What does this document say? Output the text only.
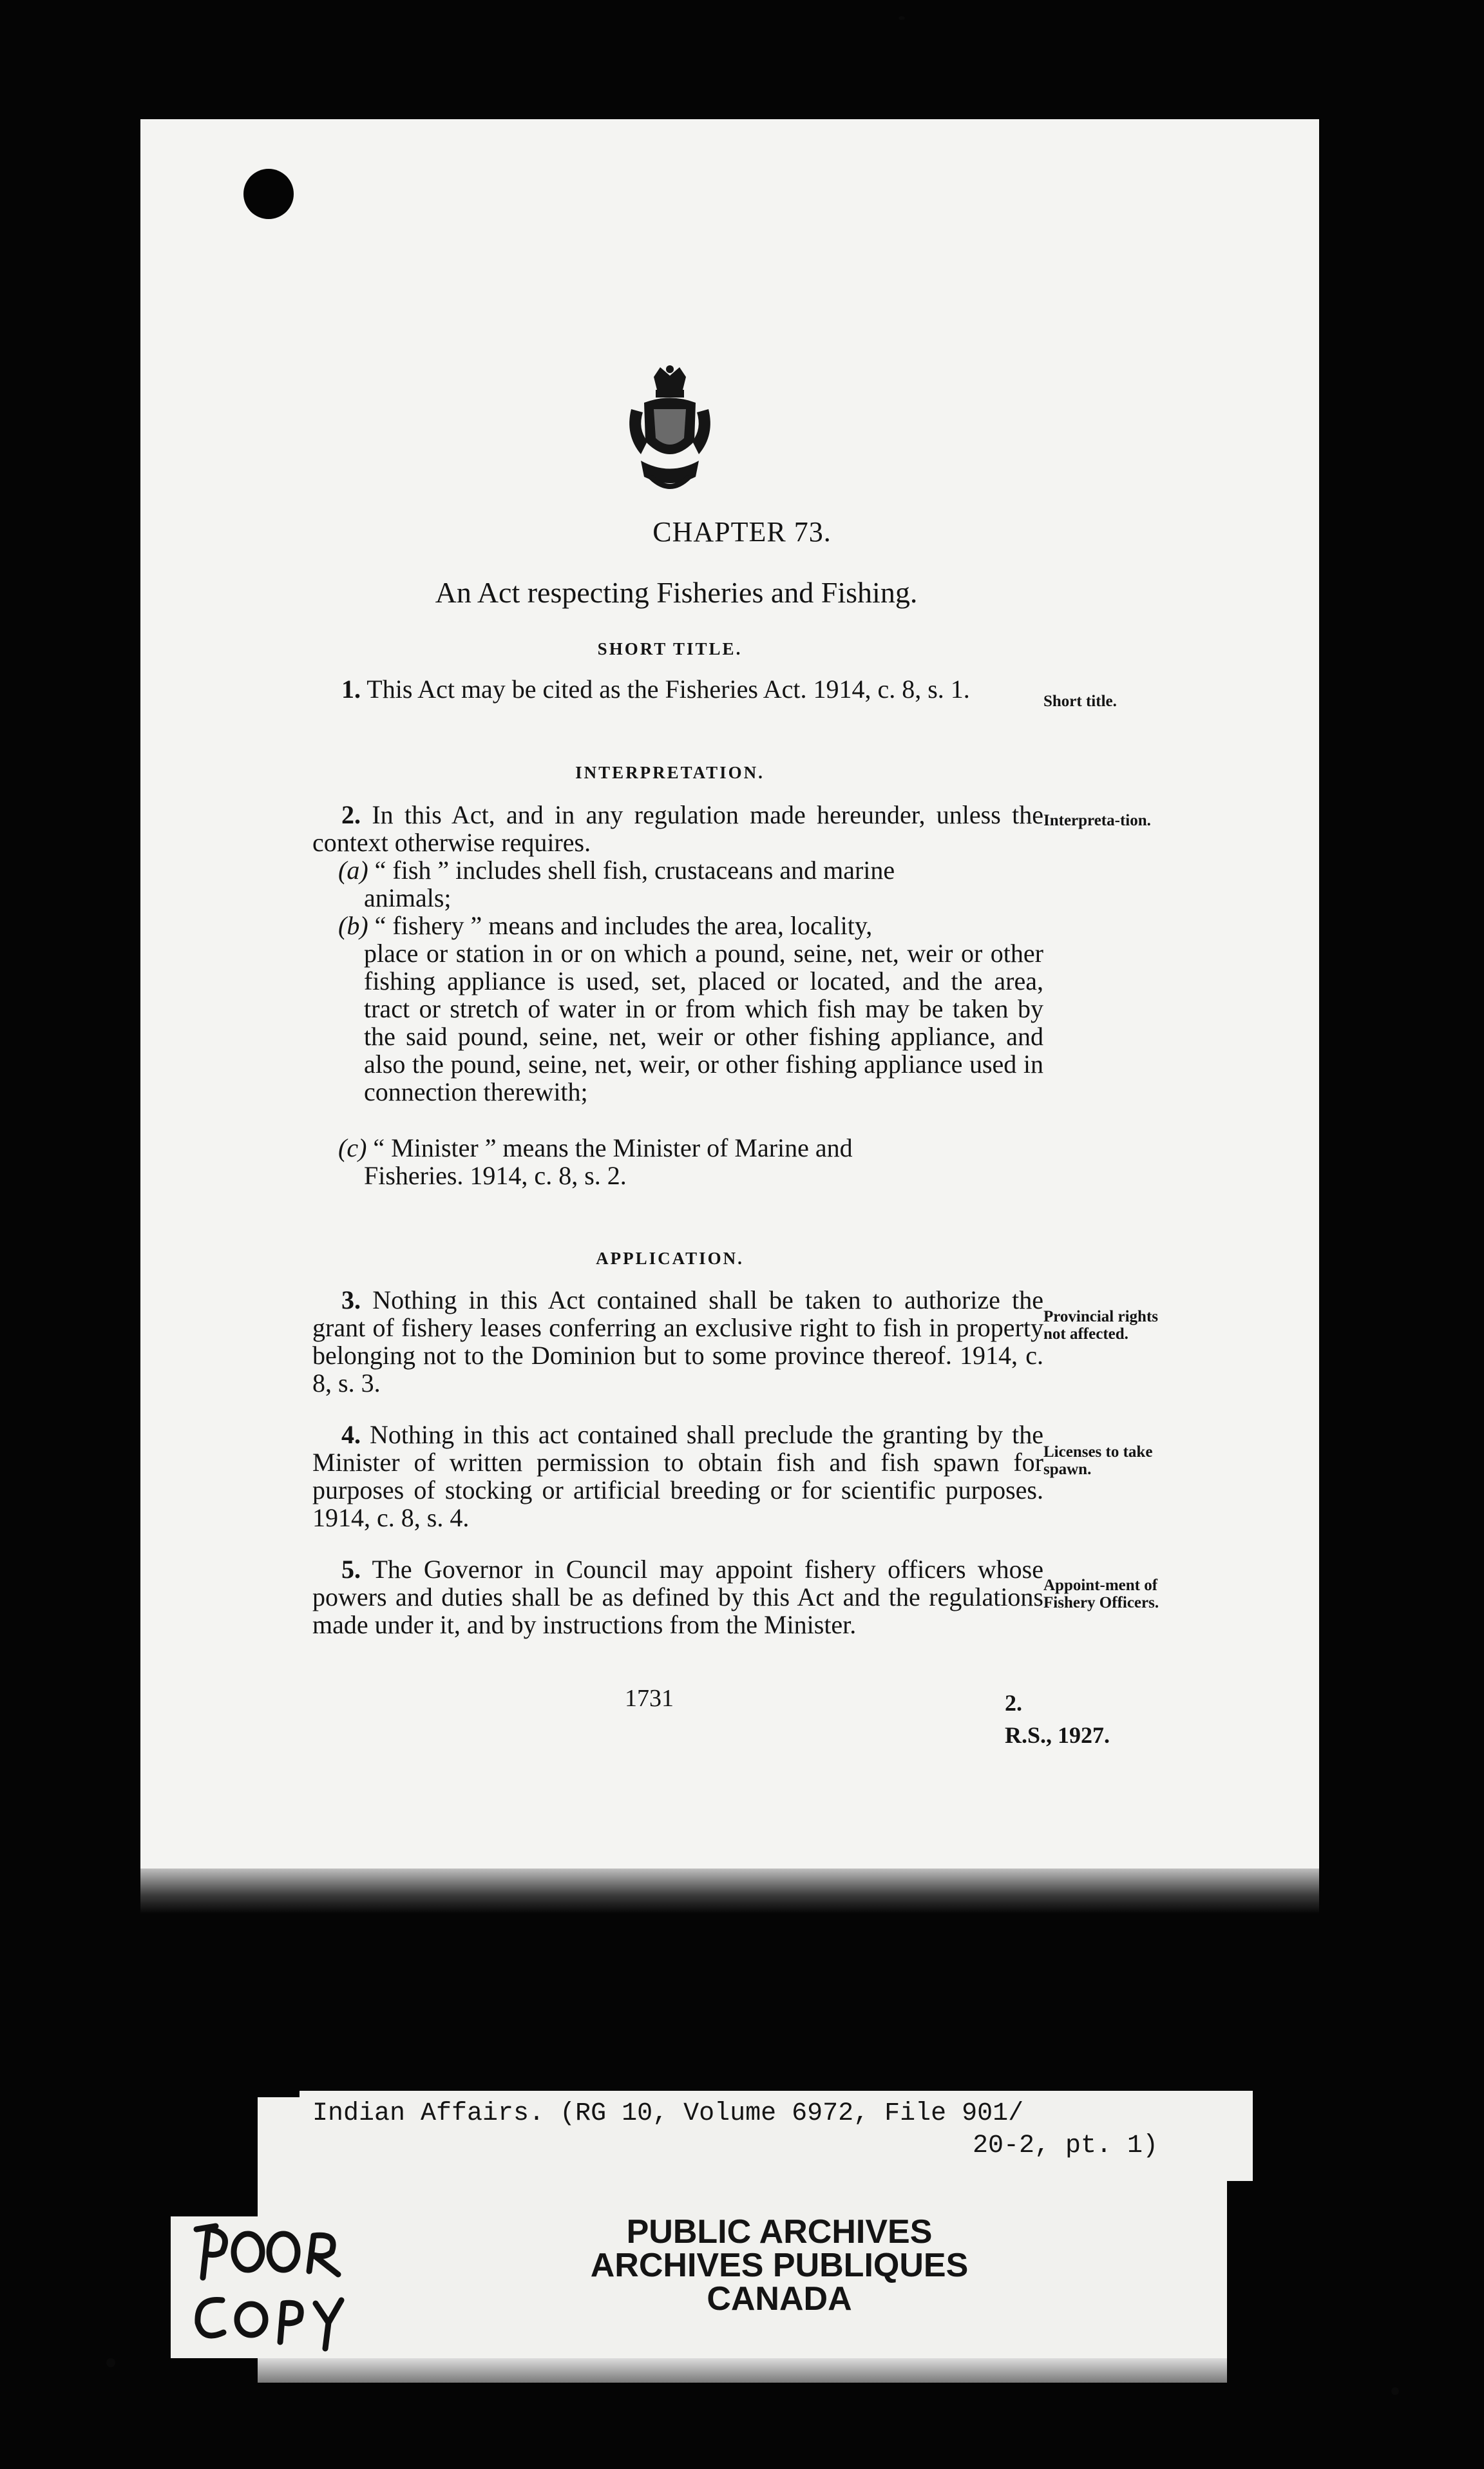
CHAPTER 73.
An Act respecting Fisheries and Fishing.
SHORT TITLE.
1. This Act may be cited as the Fisheries Act. 1914, c. 8, s. 1.	Short title.
INTERPRETATION.
2. In this Act, and in any regulation made hereunder, unless the context otherwise requires.
Interpreta-tion.
(a) “ fish ” includes shell fish, crustaceans and marine
animals;
(b) “ fishery ” means and includes the area, locality,
place or station in or on which a pound, seine, net, weir or other fishing appliance is used, set, placed or located, and the area, tract or stretch of water in or from which fish may be taken by the said pound, seine, net, weir or other fishing appliance, and also the pound, seine, net, weir, or other fishing appliance used in connection therewith;
(c) “ Minister ” means the Minister of Marine and
Fisheries. 1914, c. 8, s. 2.
APPLICATION.
3. Nothing in this Act contained shall be taken to authorize the grant of fishery leases conferring an exclusive right to fish in property belonging not to the Dominion but to some province thereof. 1914, c. 8, s. 3.
Provincial rights not affected.
4. Nothing in this act contained shall preclude the granting by the Minister of written permission to obtain fish and fish spawn for purposes of stocking or artificial breeding or for scientific purposes. 1914, c. 8, s. 4.
Licenses to take spawn.
5. The Governor in Council may appoint fishery officers whose powers and duties shall be as defined by this Act and the regulations made under it, and by instructions from the Minister.
Appoint-ment of Fishery Officers.
1731	2.
R.S., 1927.
Indian Affairs. (RG 10, Volume 6972, File 901/
20-2, pt. 1)
PUBLIC ARCHIVES
ARCHIVES PUBLIQUES
CANADA
